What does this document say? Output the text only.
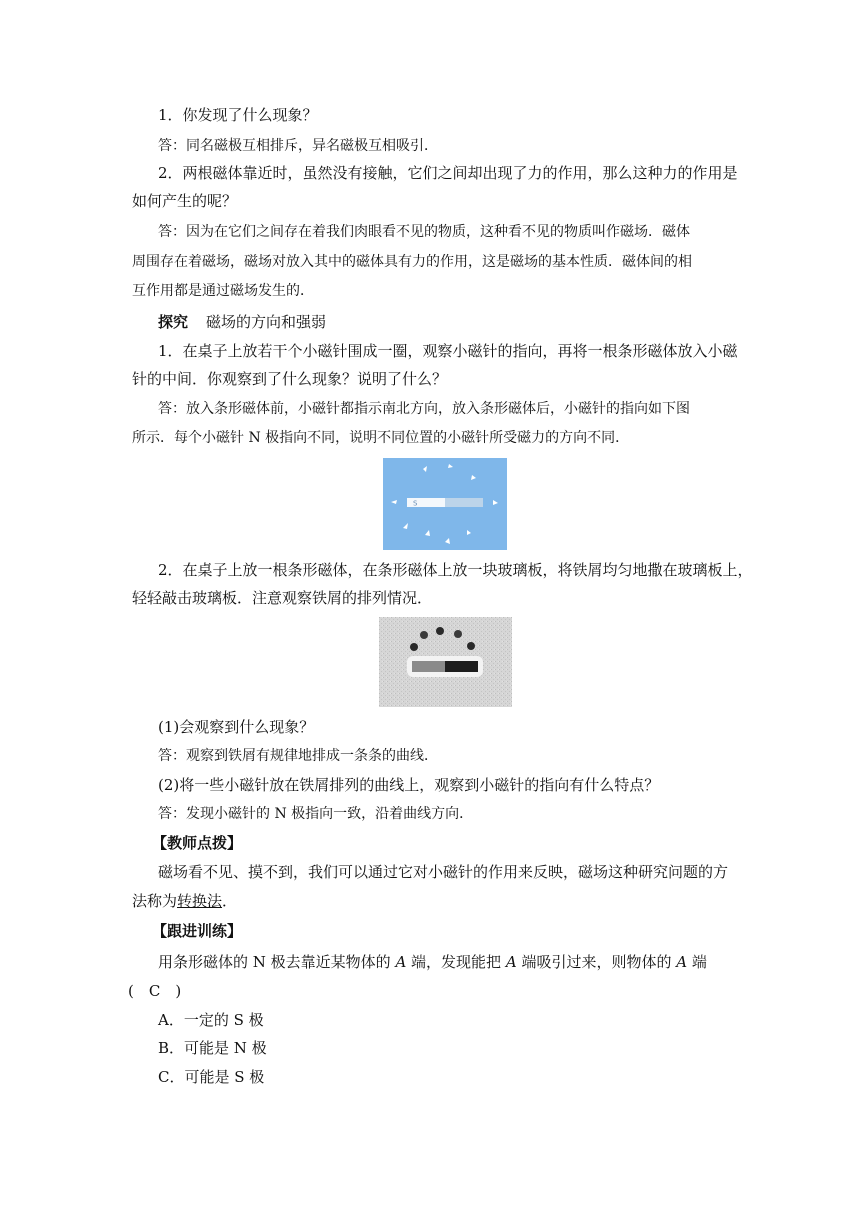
1．你发现了什么现象？
答：同名磁极互相排斥，异名磁极互相吸引．
2．两根磁体靠近时，虽然没有接触，它们之间却出现了力的作用，那么这种力的作用是
如何产生的呢？
答：因为在它们之间存在着我们肉眼看不见的物质，这种看不见的物质叫作磁场．磁体
周围存在着磁场，磁场对放入其中的磁体具有力的作用，这是磁场的基本性质．磁体间的相
互作用都是通过磁场发生的．
探究 磁场的方向和强弱
1．在桌子上放若干个小磁针围成一圈，观察小磁针的指向，再将一根条形磁体放入小磁
针的中间．你观察到了什么现象？说明了什么？
答：放入条形磁体前，小磁针都指示南北方向，放入条形磁体后，小磁针的指向如下图
所示．每个小磁针 N 极指向不同，说明不同位置的小磁针所受磁力的方向不同．
S
2．在桌子上放一根条形磁体，在条形磁体上放一块玻璃板，将铁屑均匀地撒在玻璃板上，
轻轻敲击玻璃板．注意观察铁屑的排列情况．
(1)会观察到什么现象？
答：观察到铁屑有规律地排成一条条的曲线．
(2)将一些小磁针放在铁屑排列的曲线上，观察到小磁针的指向有什么特点？
答：发现小磁针的 N 极指向一致，沿着曲线方向．
【教师点拨】
磁场看不见、摸不到，我们可以通过它对小磁针的作用来反映，磁场这种研究问题的方
法称为转换法．
【跟进训练】
用条形磁体的 N 极去靠近某物体的 A 端，发现能把 A 端吸引过来，则物体的 A 端
(　C　)
A．一定的 S 极
B．可能是 N 极
C．可能是 S 极
